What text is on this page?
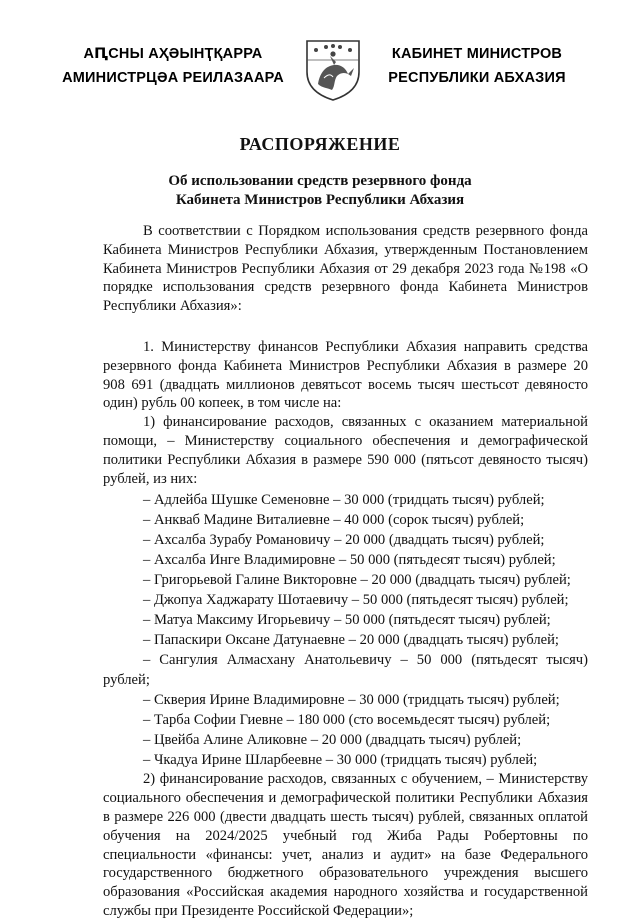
АԤСНЫ АҲӘЫНҬҚАРРА
АМИНИСТРЦӘА РЕИЛАЗААРА
КАБИНЕТ МИНИСТРОВ
РЕСПУБЛИКИ АБХАЗИЯ
РАСПОРЯЖЕНИЕ
Об использовании средств резервного фонда
Кабинета Министров Республики Абхазия

В соответствии с Порядком использования средств резервного фонда Кабинета Министров Республики Абхазия, утвержденным Постановлением Кабинета Министров Республики Абхазия от 29 декабря 2023 года №198 «О порядке использования средств резервного фонда Кабинета Министров Республики Абхазия»:

1. Министерству финансов Республики Абхазия направить средства резервного фонда Кабинета Министров Республики Абхазия в размере 20 908 691 (двадцать миллионов девятьсот восемь тысяч шестьсот девяносто один) рубль 00 копеек, в том числе на:

1) финансирование расходов, связанных с оказанием материальной помощи, – Министерству социального обеспечения и демографической политики Республики Абхазия в размере 590 000 (пятьсот девяносто тысяч) рублей, из них:

– Адлейба Шушке Семеновне – 30 000 (тридцать тысяч) рублей;

– Анкваб Мадине Виталиевне – 40 000 (сорок тысяч) рублей;

– Ахсалба Зурабу Романовичу – 20 000 (двадцать тысяч) рублей;

– Ахсалба Инге Владимировне – 50 000 (пятьдесят тысяч) рублей;

– Григорьевой Галине Викторовне – 20 000 (двадцать тысяч) рублей;

– Джопуа Хаджарату Шотаевичу – 50 000 (пятьдесят тысяч) рублей;

– Матуа Максиму Игорьевичу – 50 000 (пятьдесят тысяч) рублей;

– Папаскири Оксане Датунаевне – 20 000 (двадцать тысяч) рублей;

– Сангулия Алмасхану Анатольевичу – 50 000 (пятьдесят тысяч) рублей;

– Скверия Ирине Владимировне – 30 000 (тридцать тысяч) рублей;

– Тарба Софии Гиевне – 180 000 (сто восемьдесят тысяч) рублей;

– Цвейба Алине Аликовне – 20 000 (двадцать тысяч) рублей;

– Чкадуа Ирине Шларбеевне – 30 000 (тридцать тысяч) рублей;

2) финансирование расходов, связанных с обучением, – Министерству социального обеспечения и демографической политики Республики Абхазия в размере 226 000 (двести двадцать шесть тысяч) рублей, связанных оплатой обучения на 2024/2025 учебный год Жиба Рады Робертовны по специальности «финансы: учет, анализ и аудит» на базе Федерального государственного бюджетного образовательного учреждения высшего образования «Российская академия народного хозяйства и государственной службы при Президенте Российской Федерации»;
